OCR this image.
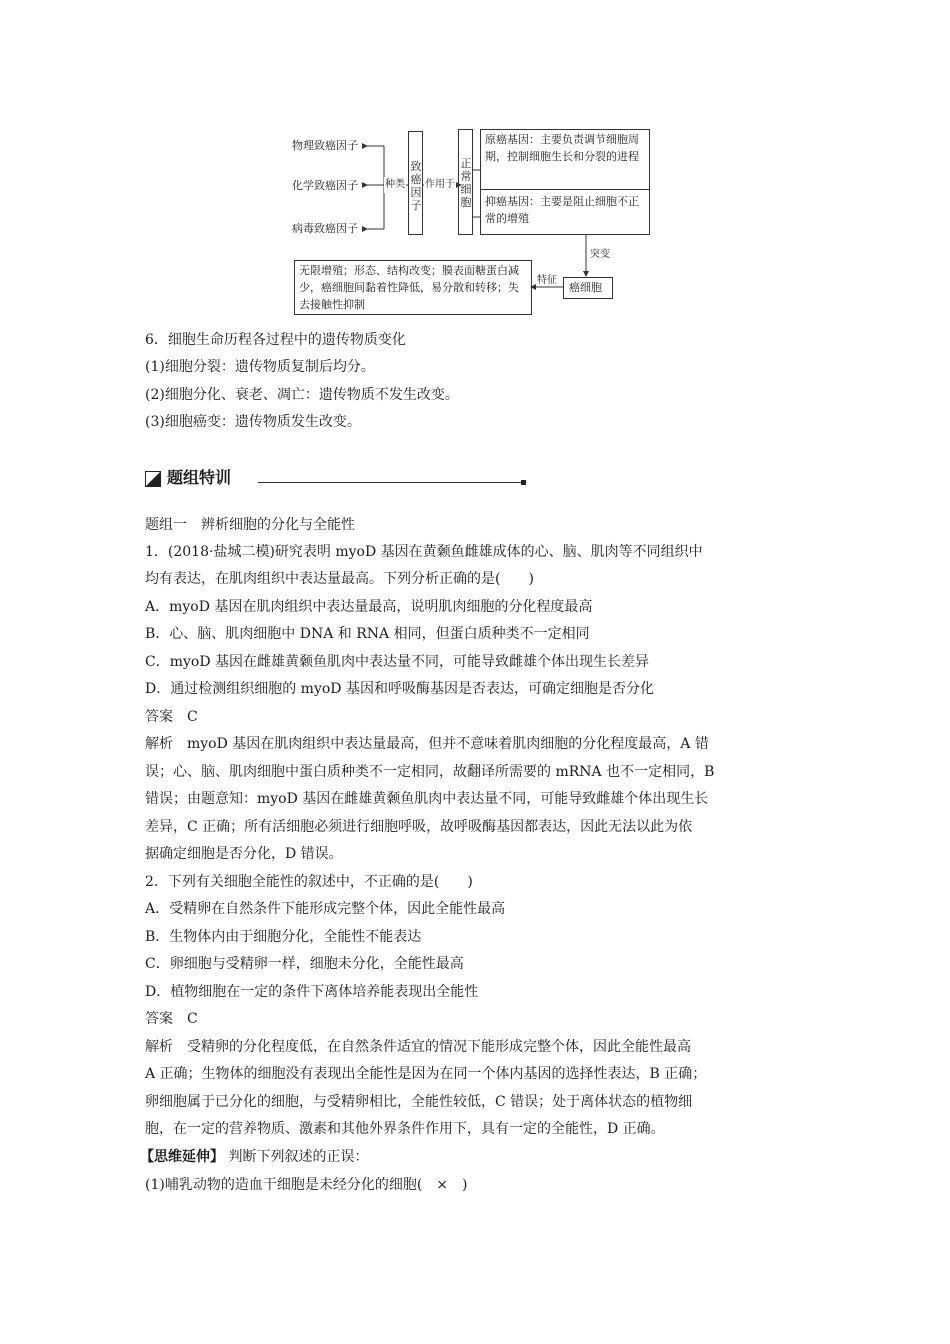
物理致癌因子
化学致癌因子
病毒致癌因子
种类
致癌因子
作用于
正常细胞
原癌基因：主要负责调节细胞周期，控制细胞生长和分裂的进程
抑癌基因：主要是阻止细胞不正常的增殖
突变
癌细胞
特征
无限增殖；形态、结构改变；膜表面糖蛋白减少，癌细胞间黏着性降低，易分散和转移；失去接触性抑制
6．细胞生命历程各过程中的遗传物质变化
(1)细胞分裂：遗传物质复制后均分。
(2)细胞分化、衰老、凋亡：遗传物质不发生改变。
(3)细胞癌变：遗传物质发生改变。
题组特训
题组一　辨析细胞的分化与全能性
1．(2018·盐城二模)研究表明 myoD 基因在黄颡鱼雌雄成体的心、脑、肌肉等不同组织中
均有表达，在肌肉组织中表达量最高。下列分析正确的是(　　)
A．myoD 基因在肌肉组织中表达量最高，说明肌肉细胞的分化程度最高
B．心、脑、肌肉细胞中 DNA 和 RNA 相同，但蛋白质种类不一定相同
C．myoD 基因在雌雄黄颡鱼肌肉中表达量不同，可能导致雌雄个体出现生长差异
D．通过检测组织细胞的 myoD 基因和呼吸酶基因是否表达，可确定细胞是否分化
答案　C
解析　myoD 基因在肌肉组织中表达量最高，但并不意味着肌肉细胞的分化程度最高，A 错
误；心、脑、肌肉细胞中蛋白质种类不一定相同，故翻译所需要的 mRNA 也不一定相同，B
错误；由题意知：myoD 基因在雌雄黄颡鱼肌肉中表达量不同，可能导致雌雄个体出现生长
差异，C 正确；所有活细胞必须进行细胞呼吸，故呼吸酶基因都表达，因此无法以此为依
据确定细胞是否分化，D 错误。
2．下列有关细胞全能性的叙述中，不正确的是(　　)
A．受精卵在自然条件下能形成完整个体，因此全能性最高
B．生物体内由于细胞分化，全能性不能表达
C．卵细胞与受精卵一样，细胞未分化，全能性最高
D．植物细胞在一定的条件下离体培养能表现出全能性
答案　C
解析　受精卵的分化程度低，在自然条件适宜的情况下能形成完整个体，因此全能性最高
A 正确；生物体的细胞没有表现出全能性是因为在同一个体内基因的选择性表达，B 正确；
卵细胞属于已分化的细胞，与受精卵相比，全能性较低，C 错误；处于离体状态的植物细
胞，在一定的营养物质、激素和其他外界条件作用下，具有一定的全能性，D 正确。
【思维延伸】 判断下列叙述的正误：
(1)哺乳动物的造血干细胞是未经分化的细胞(　×　)
